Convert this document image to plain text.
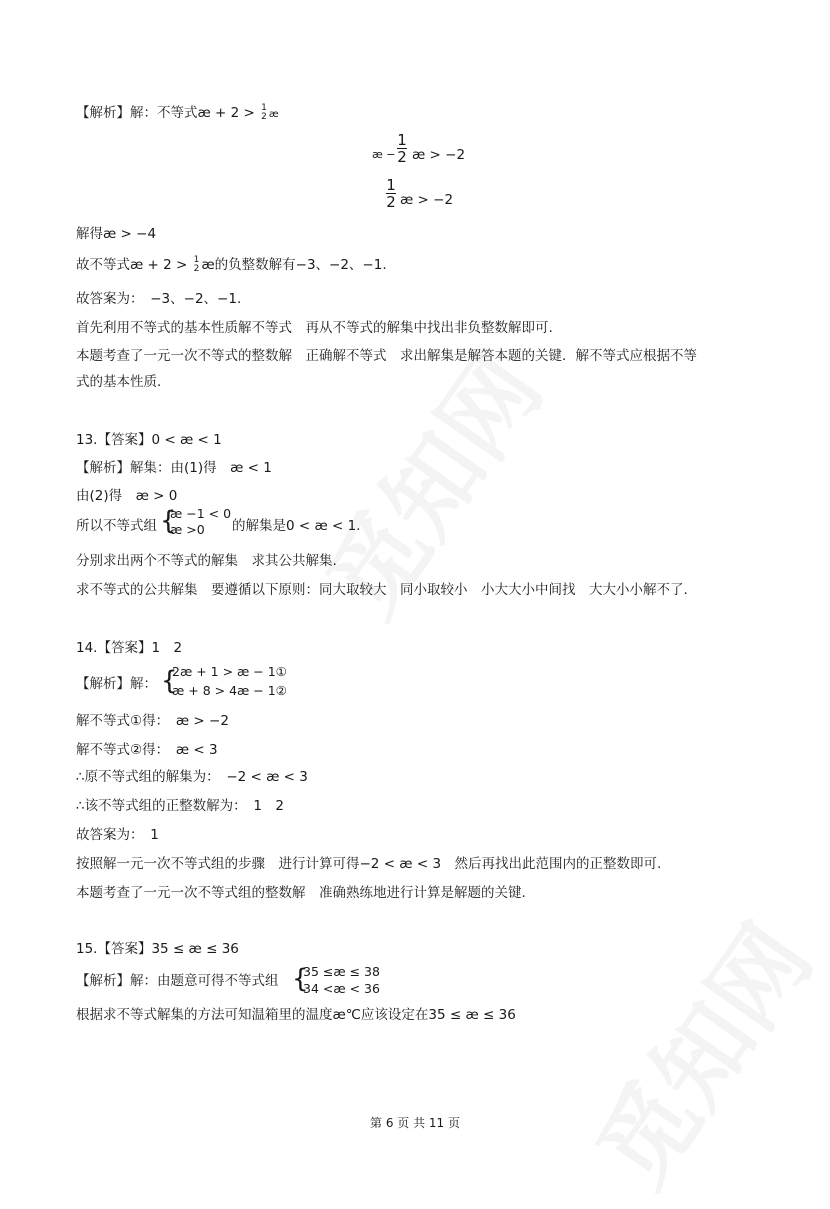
【解析】解：不等式æ + 2 > 1
2 æ
æ −
1
2 æ > −2
1
2 æ > −2
解得æ > −4
故不等式æ + 2 > 1
2 æ的负整数解有−3、−2、−1.
故答案为：　−3、−2、−1.
首先利用不等式的基本性质解不等式　再从不等式的解集中找出非负整数解即可.
本题考查了一元一次不等式的整数解　正确解不等式　求出解集是解答本题的关键．解不等式应根据不等
式的基本性质.
13.【答案】0 < æ < 1
【解析】解集：由(1)得　æ < 1
由(2)得　æ > 0
所以不等式组 {
æ −1 < 0
æ >0 的解集是0 < æ < 1.
分别求出两个不等式的解集　求其公共解集.
求不等式的公共解集　要遵循以下原则：同大取较大　同小取较小　小大大小中间找　大大小小解不了.
14.【答案】1　2
【解析】解： {
2æ + 1 > æ − 1①
æ + 8 > 4æ − 1②
解不等式①得：　æ > −2
解不等式②得：　æ < 3
∴原不等式组的解集为：　−2 < æ < 3
∴该不等式组的正整数解为：　1　2
故答案为：　1
按照解一元一次不等式组的步骤　进行计算可得−2 < æ < 3　然后再找出此范围内的正整数即可.
本题考查了一元一次不等式组的整数解　准确熟练地进行计算是解题的关键.
15.【答案】35 ≤ æ ≤ 36
【解析】解：由题意可得不等式组 {
35 ≤æ ≤ 38
34 <æ < 36
根据求不等式解集的方法可知温箱里的温度æ℃应该设定在35 ≤ æ ≤ 36
第 6 页 共 11 页
